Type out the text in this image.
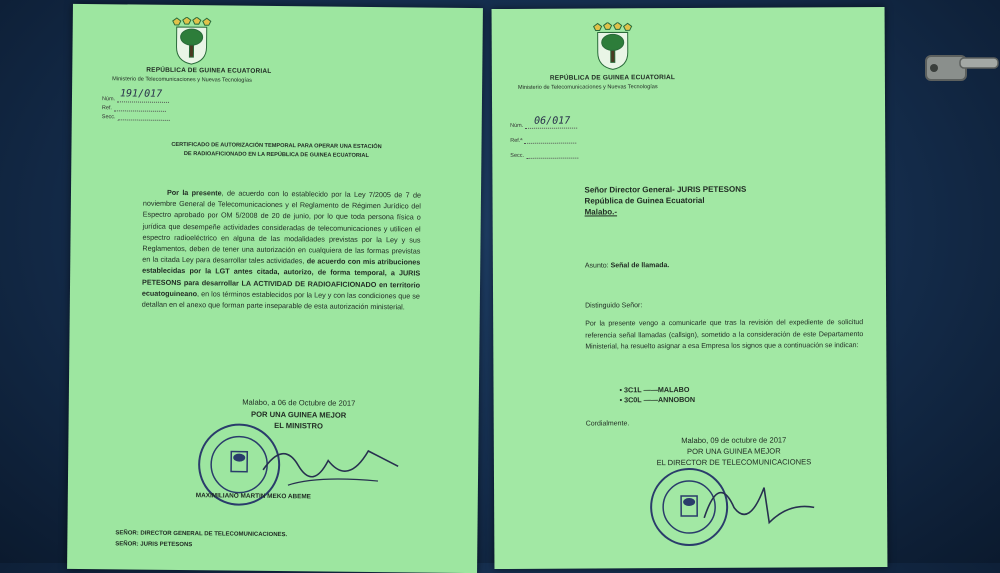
REPÚBLICA DE GUINEA ECUATORIAL
Ministerio de Telecomunicaciones y Nuevas Tecnologías
Núm. 191/017
Ref.
Secc.
CERTIFICADO DE AUTORIZACIÓN TEMPORAL PARA OPERAR UNA ESTACIÓN
DE RADIOAFICIONADO EN LA REPÚBLICA DE GUINEA ECUATORIAL
Por la presente, de acuerdo con lo establecido por la Ley 7/2005 de 7 de noviembre General de Telecomunicaciones y el Reglamento de Régimen Jurídico del Espectro aprobado por OM 5/2008 de 20 de junio, por lo que toda persona física o jurídica que desempeñe actividades consideradas de telecomunicaciones y utilicen el espectro radioeléctrico en alguna de las modalidades previstas por la Ley y sus Reglamentos, deben de tener una autorización en cualquiera de las formas previstas en la citada Ley para desarrollar tales actividades, de acuerdo con mis atribuciones establecidas por la LGT antes citada, autorizo, de forma temporal, a JURIS PETESONS para desarrollar LA ACTIVIDAD DE RADIOAFICIONADO en territorio ecuatoguineano, en los términos establecidos por la Ley y con las condiciones que se detallan en el anexo que forman parte inseparable de esta autorización ministerial.
Malabo, a 06 de Octubre de 2017
POR UNA GUINEA MEJOR
EL MINISTRO
MAXIMILIANO MARTIN MEKO ABEME
SEÑOR: DIRECTOR GENERAL DE TELECOMUNICACIONES.
SEÑOR: JURIS PETESONS
REPÚBLICA DE GUINEA ECUATORIAL
Ministerio de Telecomunicaciones y Nuevas Tecnologías
Núm.	06/017
Ref.ª
Secc.
Señor Director General- JURIS PETESONS
República de Guinea Ecuatorial
Malabo.-
Asunto: Señal de llamada.
Distinguido Señor:
Por la presente vengo a comunicarle que tras la revisión del expediente de solicitud referencia señal llamadas (callsign), sometido a la consideración de este Departamento Ministerial, ha resuelto asignar a esa Empresa los signos que a continuación se indican:
• 3C1L ——MALABO
• 3C0L ——ANNOBON
Cordialmente.
Malabo, 09 de octubre de 2017
POR UNA GUINEA MEJOR
EL DIRECTOR DE TELECOMUNICACIONES
